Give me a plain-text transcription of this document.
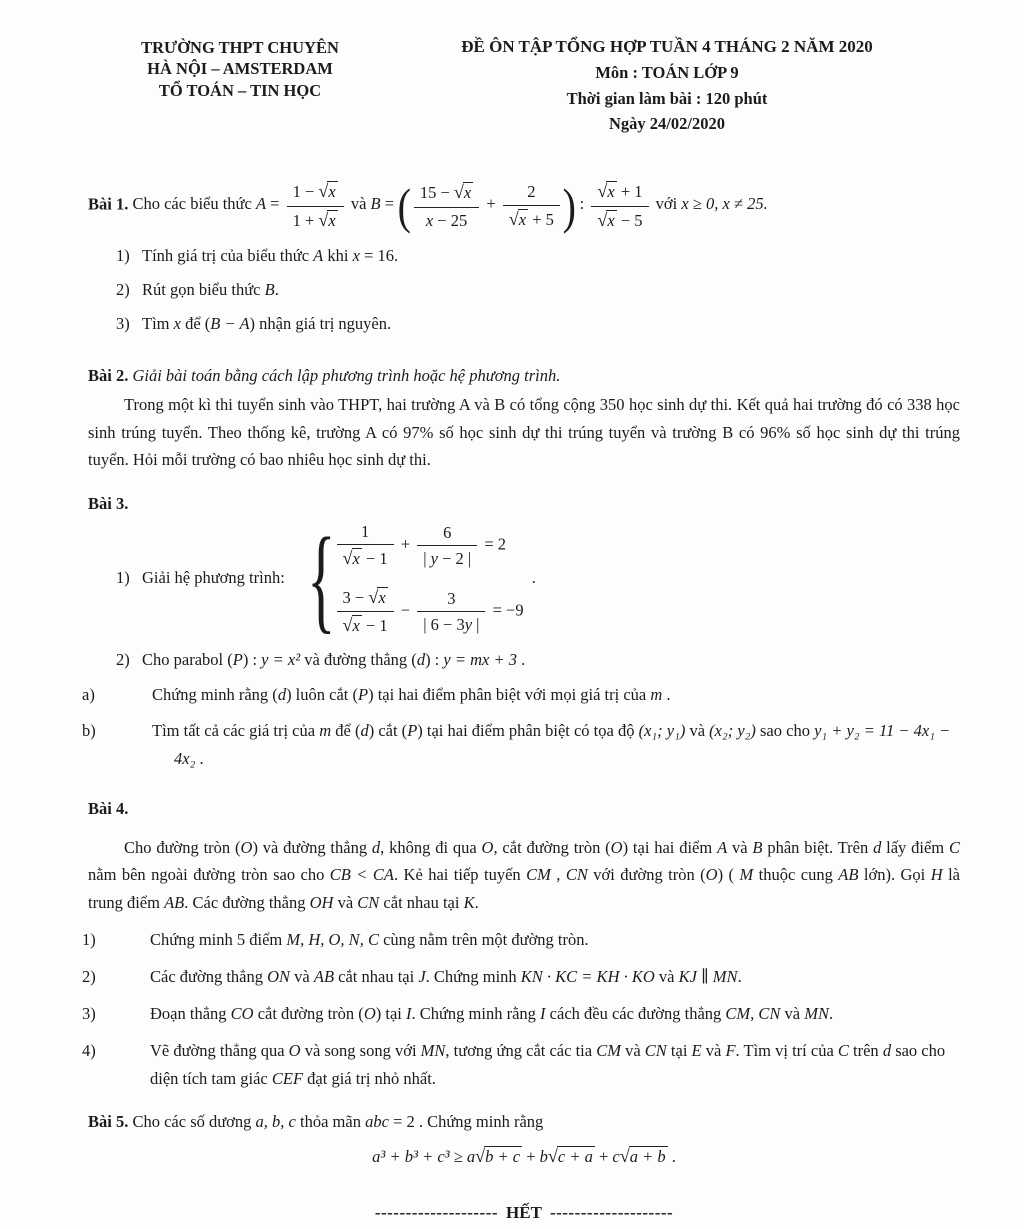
TRƯỜNG THPT CHUYÊN
HÀ NỘI – AMSTERDAM
TỔ TOÁN – TIN HỌC
ĐỀ ÔN TẬP TỔNG HỢP TUẦN 4 THÁNG 2 NĂM 2020
Môn : TOÁN LỚP 9
Thời gian làm bài : 120 phút
Ngày 24/02/2020
Bài 1. Cho các biểu thức $A = \frac{1 - √x}{1 + √x}$ và B = ( $\frac{15 - √x}{x - 25} + \frac{2}{√x + 5}$ ) : $\frac{√x + 1}{√x - 5}$ với x ≥ 0, x ≠ 25.
1) Tính giá trị của biểu thức A khi x = 16.
2) Rút gọn biểu thức B.
3) Tìm x để (B − A) nhận giá trị nguyên.
Bài 2. Giải bài toán bằng cách lập phương trình hoặc hệ phương trình.
Trong một kì thi tuyển sinh vào THPT, hai trường A và B có tổng cộng 350 học sinh dự thi. Kết quả hai trường đó có 338 học sinh trúng tuyển. Theo thống kê, trường A có 97% số học sinh dự thi trúng tuyển và trường B có 96% số học sinh dự thi trúng tuyển. Hỏi mỗi trường có bao nhiêu học sinh dự thi.
Bài 3.
1) Giải hệ phương trình: { $\frac{1}{√x - 1} + \frac{6}{| y - 2 |} = 2$
$\frac{3 - √x}{√x - 1} - \frac{3}{| 6 - 3y |} = -9$
.
2) Cho parabol (P) : y = x² và đường thẳng (d) : y = mx + 3 .
a)	Chứng minh rằng (d) luôn cắt (P) tại hai điểm phân biệt với mọi giá trị của m .
b)	Tìm tất cả các giá trị của m để (d) cắt (P) tại hai điểm phân biệt có tọa độ (x₁; y₁) và (x₂; y₂) sao cho y₁ + y₂ = 11 − 4x₁ − 4x₂ .
Bài 4.
Cho đường tròn (O) và đường thẳng d, không đi qua O, cắt đường tròn (O) tại hai điểm A và B phân biệt. Trên d lấy điểm C nằm bên ngoài đường tròn sao cho CB < CA. Kẻ hai tiếp tuyến CM , CN với đường tròn (O) ( M thuộc cung AB lớn). Gọi H là trung điểm AB. Các đường thẳng OH và CN cắt nhau tại K.
1)	Chứng minh 5 điểm M, H, O, N, C cùng nằm trên một đường tròn.
2)	Các đường thẳng ON và AB cắt nhau tại J. Chứng minh KN · KC = KH · KO và KJ ∥ MN.
3)	Đoạn thẳng CO cắt đường tròn (O) tại I. Chứng minh rằng I cách đều các đường thẳng CM, CN và MN.
4)	Vẽ đường thẳng qua O và song song với MN, tương ứng cắt các tia CM và CN tại E và F. Tìm vị trí của C trên d sao cho diện tích tam giác CEF đạt giá trị nhỏ nhất.
Bài 5. Cho các số dương a, b, c thỏa mãn abc = 2 . Chứng minh rằng
a³ + b³ + c³ ≥ a√b + c + b√c + a + c√a + b .
-------------------- HẾT --------------------
